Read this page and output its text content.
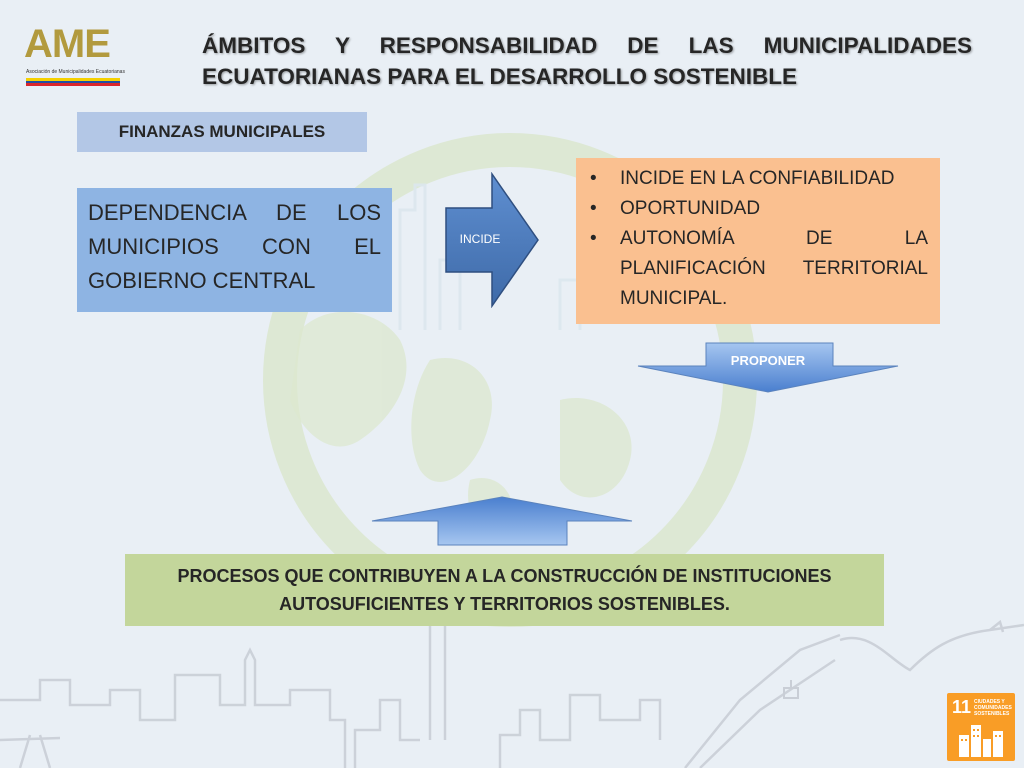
AME
Asociación de Municipalidades Ecuatorianas
ÁMBITOS Y RESPONSABILIDAD DE LAS MUNICIPALIDADES ECUATORIANAS PARA EL DESARROLLO SOSTENIBLE
FINANZAS MUNICIPALES
DEPENDENCIA DE LOS MUNICIPIOS CON EL GOBIERNO CENTRAL
INCIDE
• INCIDE EN LA CONFIABILIDAD
• OPORTUNIDAD
• AUTONOMÍA DE LA PLANIFICACIÓN TERRITORIAL MUNICIPAL.
PROPONER
PROCESOS QUE CONTRIBUYEN A LA CONSTRUCCIÓN DE INSTITUCIONES AUTOSUFICIENTES Y TERRITORIOS SOSTENIBLES.
11 CIUDADES Y
COMUNIDADES
SOSTENIBLES
